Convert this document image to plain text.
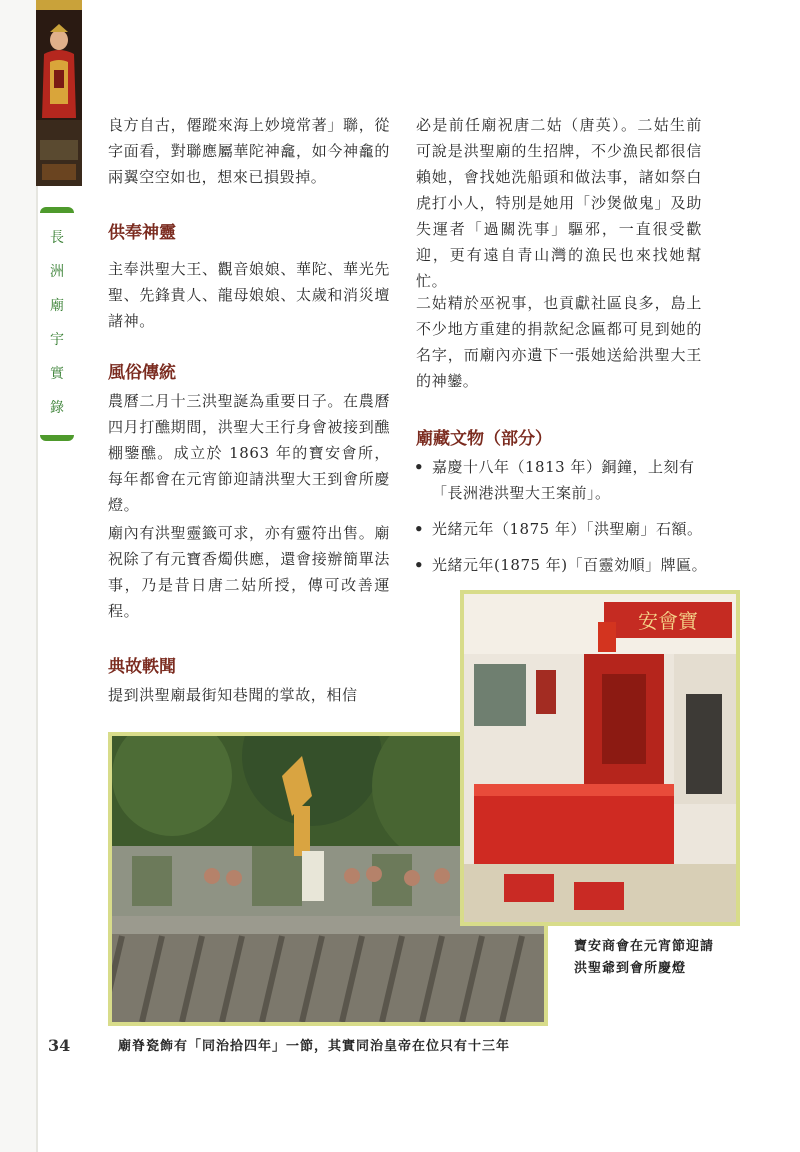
長
洲
廟
宇
實
錄

良方自古，僊蹤來海上妙境常著」聯，從字面看，對聯應屬華陀神龕，如今神龕的兩翼空空如也，想來已損毀掉。

供奉神靈

主奉洪聖大王、觀音娘娘、華陀、華光先聖、先鋒貴人、龍母娘娘、太歲和消災壇諸神。

風俗傳統

農曆二月十三洪聖誕為重要日子。在農曆四月打醮期間，洪聖大王行身會被接到醮棚鑒醮。成立於 1863 年的寶安會所，每年都會在元宵節迎請洪聖大王到會所慶燈。

廟內有洪聖靈籤可求，亦有靈符出售。廟祝除了有元寶香燭供應，還會接辦簡單法事，乃是昔日唐二姑所授，傳可改善運程。

典故軼聞

提到洪聖廟最街知巷聞的掌故，相信

必是前任廟祝唐二姑（唐英）。二姑生前可說是洪聖廟的生招牌，不少漁民都很信賴她，會找她洗船頭和做法事，諸如祭白虎打小人，特別是她用「沙煲做鬼」及助失運者「過關洗事」驅邪，一直很受歡迎，更有遠自青山灣的漁民也來找她幫忙。

二姑精於巫祝事，也貢獻社區良多，島上不少地方重建的捐款紀念匾都可見到她的名字，而廟內亦遺下一張她送給洪聖大王的神鑾。

廟藏文物（部分）
• 嘉慶十八年（1813 年）銅鐘，上刻有「長洲港洪聖大王案前」。
• 光緒元年（1875 年）「洪聖廟」石額。
• 光緒元年(1875 年)「百靈効順」牌匾。
安會寶

寶安商會在元宵節迎請

洪聖爺到會所慶燈

廟脊瓷飾有「同治拾四年」一節，其實同治皇帝在位只有十三年

34
